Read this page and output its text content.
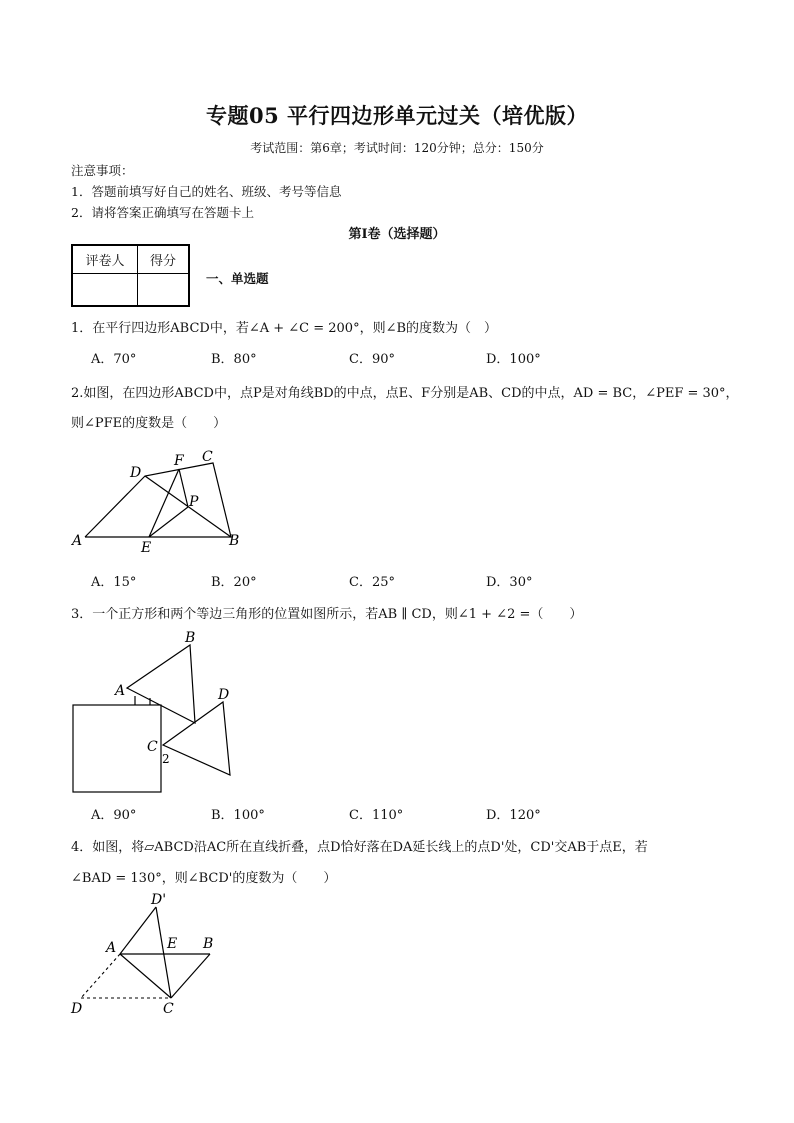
专题05 平行四边形单元过关（培优版）
考试范围：第6章；考试时间：120分钟；总分：150分
注意事项：
1．答题前填写好自己的姓名、班级、考号等信息
2．请将答案正确填写在答题卡上
第I卷（选择题）
评卷人	得分

一、单选题
1．在平行四边形ABCD中，若∠A + ∠C = 200°，则∠B的度数为（　）
A．70°	B．80°	C．90°	D．100°
2.如图，在四边形ABCD中，点P是对角线BD的中点，点E、F分别是AB、CD的中点，AD = BC，∠PEF = 30°，
则∠PFE的度数是（　　）
D
F C
P
A	E	B
A．15°	B．20°	C．25°	D．30°
3．一个正方形和两个等边三角形的位置如图所示，若AB ∥ CD，则∠1 + ∠2 =（　　）
B
A	D
C
2
A．90°	B．100°	C．110°	D．120°
4．如图，将▱ABCD沿AC所在直线折叠，点D恰好落在DA延长线上的点D'处，CD'交AB于点E，若
∠BAD = 130°，则∠BCD'的度数为（　　）
D'
A	E B
D	C
